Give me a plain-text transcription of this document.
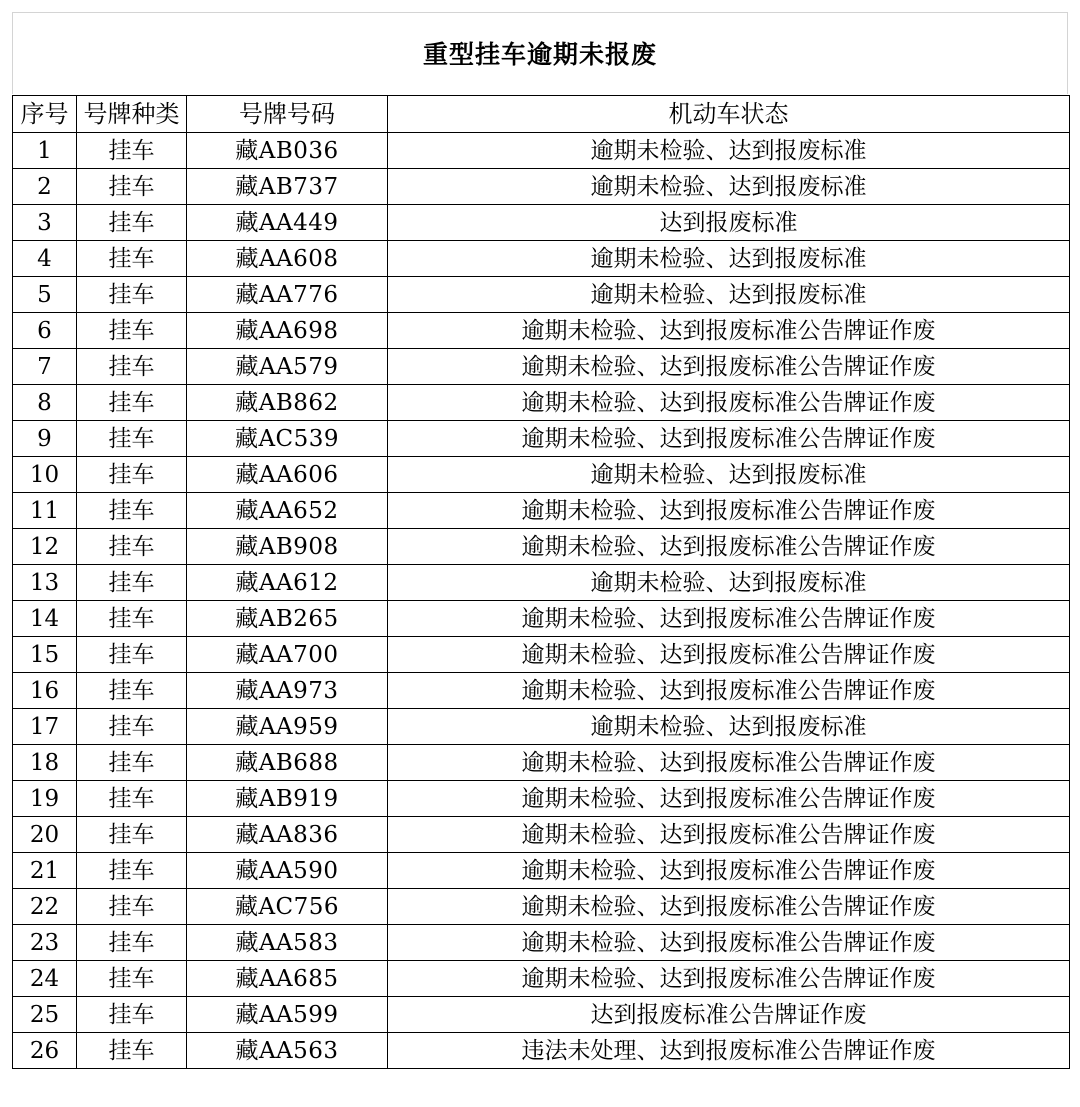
重型挂车逾期未报废
序号	号牌种类	号牌号码	机动车状态
1	挂车	藏AB036	逾期未检验、达到报废标准
2	挂车	藏AB737	逾期未检验、达到报废标准
3	挂车	藏AA449	达到报废标准
4	挂车	藏AA608	逾期未检验、达到报废标准
5	挂车	藏AA776	逾期未检验、达到报废标准
6	挂车	藏AA698	逾期未检验、达到报废标准公告牌证作废
7	挂车	藏AA579	逾期未检验、达到报废标准公告牌证作废
8	挂车	藏AB862	逾期未检验、达到报废标准公告牌证作废
9	挂车	藏AC539	逾期未检验、达到报废标准公告牌证作废
10	挂车	藏AA606	逾期未检验、达到报废标准
11	挂车	藏AA652	逾期未检验、达到报废标准公告牌证作废
12	挂车	藏AB908	逾期未检验、达到报废标准公告牌证作废
13	挂车	藏AA612	逾期未检验、达到报废标准
14	挂车	藏AB265	逾期未检验、达到报废标准公告牌证作废
15	挂车	藏AA700	逾期未检验、达到报废标准公告牌证作废
16	挂车	藏AA973	逾期未检验、达到报废标准公告牌证作废
17	挂车	藏AA959	逾期未检验、达到报废标准
18	挂车	藏AB688	逾期未检验、达到报废标准公告牌证作废
19	挂车	藏AB919	逾期未检验、达到报废标准公告牌证作废
20	挂车	藏AA836	逾期未检验、达到报废标准公告牌证作废
21	挂车	藏AA590	逾期未检验、达到报废标准公告牌证作废
22	挂车	藏AC756	逾期未检验、达到报废标准公告牌证作废
23	挂车	藏AA583	逾期未检验、达到报废标准公告牌证作废
24	挂车	藏AA685	逾期未检验、达到报废标准公告牌证作废
25	挂车	藏AA599	达到报废标准公告牌证作废
26	挂车	藏AA563	违法未处理、达到报废标准公告牌证作废
